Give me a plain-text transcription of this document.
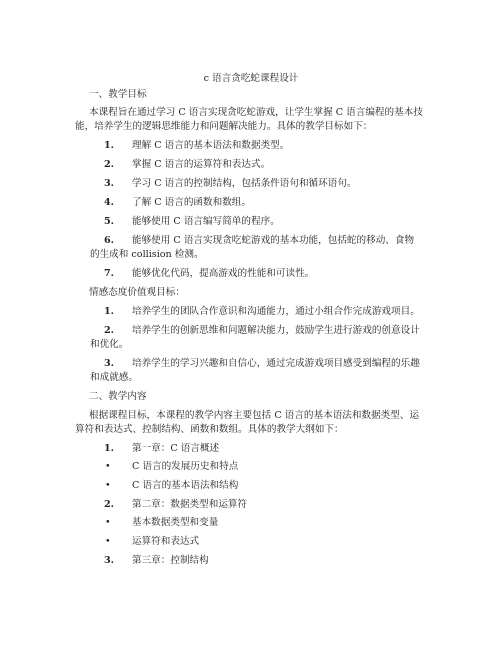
c 语言贪吃蛇课程设计
一、教学目标
本课程旨在通过学习 C 语言实现贪吃蛇游戏，让学生掌握 C 语言编程的基本技
能，培养学生的逻辑思维能力和问题解决能力。具体的教学目标如下：
1. 理解 C 语言的基本语法和数据类型。
2. 掌握 C 语言的运算符和表达式。
3. 学习 C 语言的控制结构，包括条件语句和循环语句。
4. 了解 C 语言的函数和数组。
5. 能够使用 C 语言编写简单的程序。
6. 能够使用 C 语言实现贪吃蛇游戏的基本功能，包括蛇的移动、食物
的生成和 collision 检测。
7. 能够优化代码，提高游戏的性能和可读性。
情感态度价值观目标：
1. 培养学生的团队合作意识和沟通能力，通过小组合作完成游戏项目。
2. 培养学生的创新思维和问题解决能力，鼓励学生进行游戏的创意设计
和优化。
3. 培养学生的学习兴趣和自信心，通过完成游戏项目感受到编程的乐趣
和成就感。
二、教学内容
根据课程目标，本课程的教学内容主要包括 C 语言的基本语法和数据类型、运
算符和表达式、控制结构、函数和数组。具体的教学大纲如下：
1. 第一章：C 语言概述
• C 语言的发展历史和特点
• C 语言的基本语法和结构
2. 第二章：数据类型和运算符
• 基本数据类型和变量
• 运算符和表达式
3. 第三章：控制结构
